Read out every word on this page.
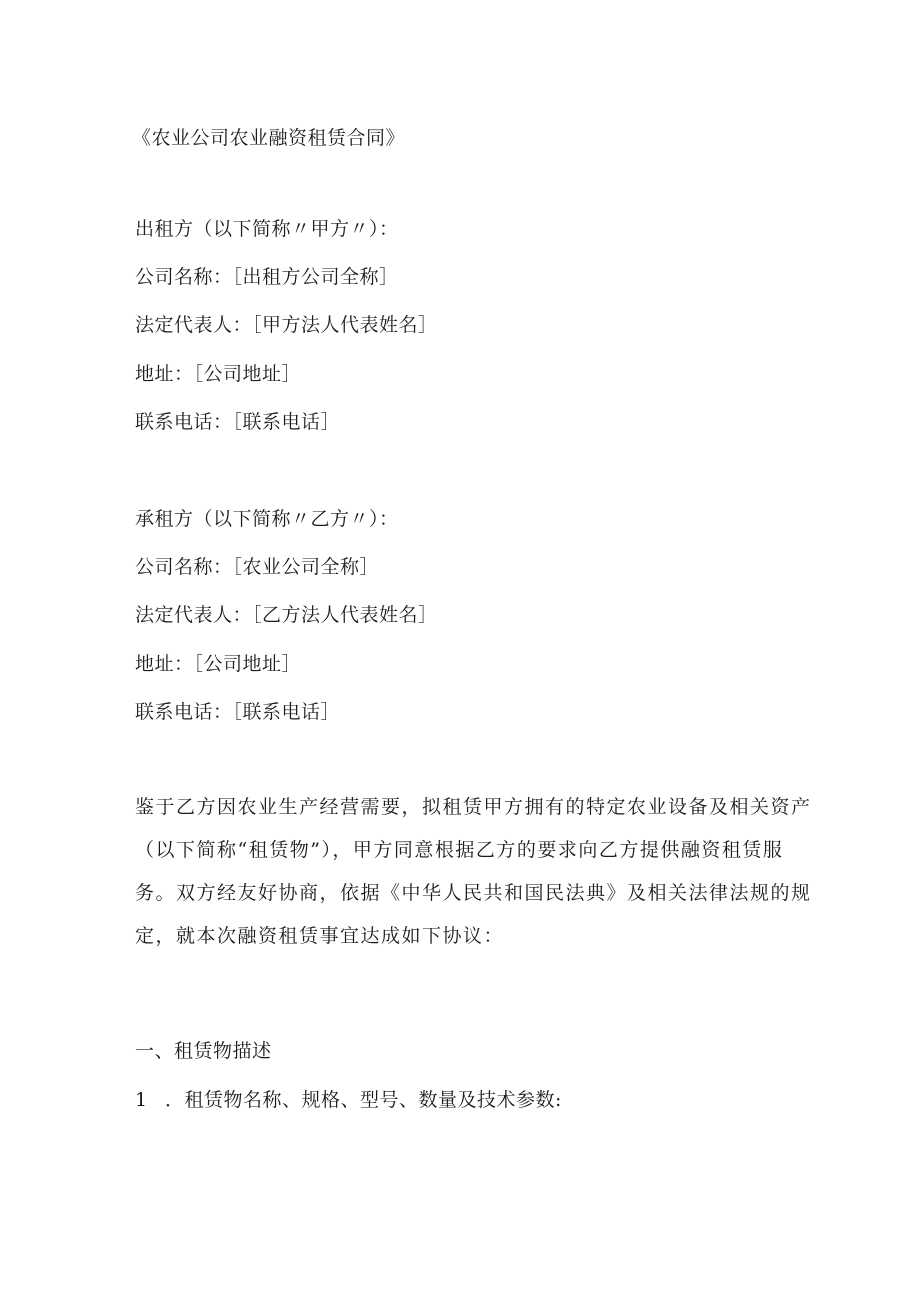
《农业公司农业融资租赁合同》
出租方（以下简称〃甲方〃）：
公司名称：［出租方公司全称］
法定代表人：［甲方法人代表姓名］
地址：［公司地址］
联系电话：［联系电话］
承租方（以下简称〃乙方〃）：
公司名称：［农业公司全称］
法定代表人：［乙方法人代表姓名］
地址：［公司地址］
联系电话：［联系电话］
鉴于乙方因农业生产经营需要，拟租赁甲方拥有的特定农业设备及相关资产
（以下简称“租赁物”），甲方同意根据乙方的要求向乙方提供融资租赁服
务。双方经友好协商，依据《中华人民共和国民法典》及相关法律法规的规
定，就本次融资租赁事宜达成如下协议：
一、租赁物描述
1 ．租赁物名称、规格、型号、数量及技术参数:
